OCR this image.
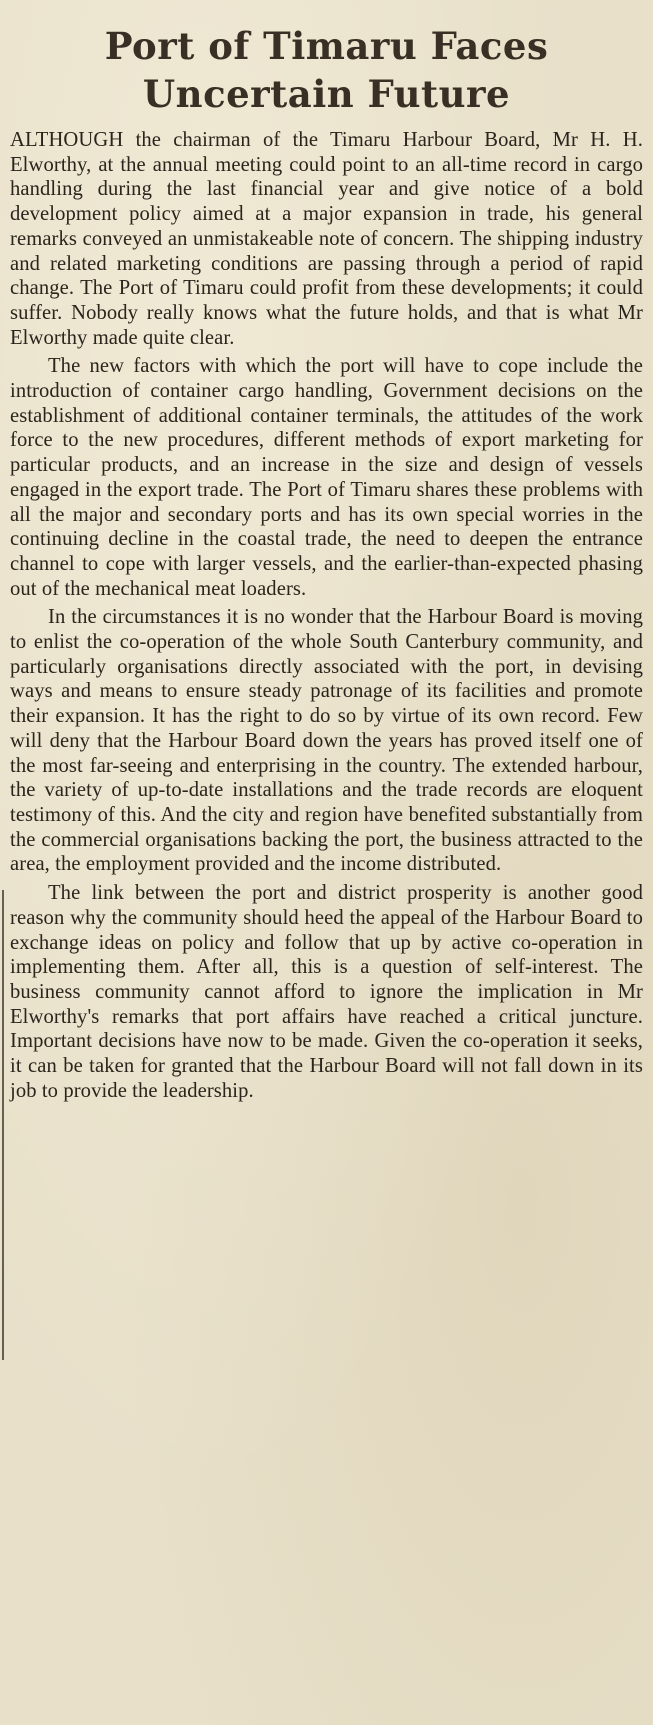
Port of Timaru Faces
Uncertain Future

ALTHOUGH the chairman of the Timaru Harbour Board, Mr H. H. Elworthy, at the annual meeting could point to an all-time record in cargo handling during the last financial year and give notice of a bold development policy aimed at a major expansion in trade, his general remarks conveyed an unmistakeable note of concern. The shipping industry and related marketing conditions are passing through a period of rapid change. The Port of Timaru could profit from these developments; it could suffer. Nobody really knows what the future holds, and that is what Mr Elworthy made quite clear.

The new factors with which the port will have to cope include the introduction of container cargo handling, Government decisions on the establishment of additional container terminals, the attitudes of the work force to the new procedures, different methods of export marketing for particular products, and an increase in the size and design of vessels engaged in the export trade. The Port of Timaru shares these problems with all the major and secondary ports and has its own special worries in the continuing decline in the coastal trade, the need to deepen the entrance channel to cope with larger vessels, and the earlier-than-expected phasing out of the mechanical meat loaders.

In the circumstances it is no wonder that the Harbour Board is moving to enlist the co-operation of the whole South Canterbury community, and particularly organisations directly associated with the port, in devising ways and means to ensure steady patronage of its facilities and promote their expansion. It has the right to do so by virtue of its own record. Few will deny that the Harbour Board down the years has proved itself one of the most far-seeing and enterprising in the country. The extended harbour, the variety of up-to-date installations and the trade records are eloquent testimony of this. And the city and region have benefited substantially from the commercial organisations backing the port, the business attracted to the area, the employment provided and the income distributed.

The link between the port and district prosperity is another good reason why the community should heed the appeal of the Harbour Board to exchange ideas on policy and follow that up by active co-operation in implementing them. After all, this is a question of self-interest. The business community cannot afford to ignore the implication in Mr Elworthy's remarks that port affairs have reached a critical juncture. Important decisions have now to be made. Given the co-operation it seeks, it can be taken for granted that the Harbour Board will not fall down in its job to provide the leadership.
